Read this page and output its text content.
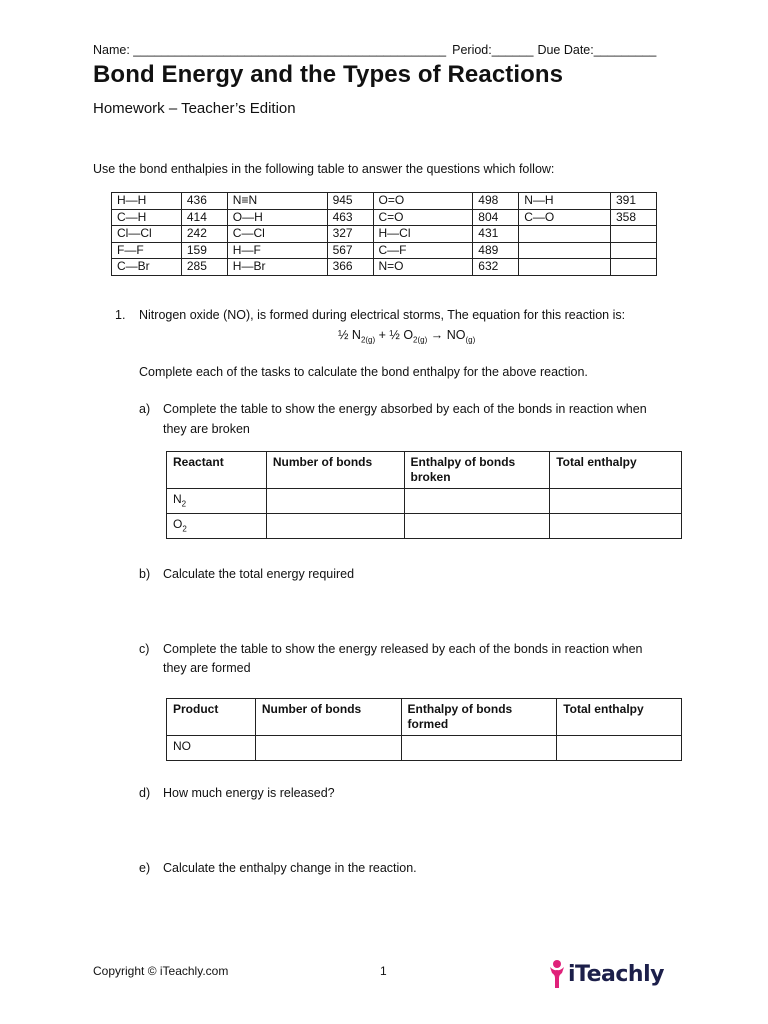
Name: _____________________________________________ Period:______ Due Date:_________
Bond Energy and the Types of Reactions
Homework – Teacher’s Edition
Use the bond enthalpies in the following table to answer the questions which follow:
H—H	436	N≡N	945	O=O	498	N—H	391
C—H	414	O—H	463	C=O	804	C—O	358
Cl—Cl	242	C—Cl	327	H—Cl	431		
F—F	159	H—F	567	C—F	489		
C—Br	285	H—Br	366	N=O	632		
1. Nitrogen oxide (NO), is formed during electrical storms, The equation for this reaction is:
½ $N_{2(g)}$ + ½ $O_{2(g)} \to NO_{(g)}$
Complete each of the tasks to calculate the bond enthalpy for the above reaction.
a) Complete the table to show the energy absorbed by each of the bonds in reaction when
they are broken
Reactant	Number of bonds	Enthalpy of bonds broken	Total enthalpy
$N_2$			
$O_2$			
b) Calculate the total energy required
c) Complete the table to show the energy released by each of the bonds in reaction when
they are formed
Product	Number of bonds	Enthalpy of bonds formed	Total enthalpy
NO			
d) How much energy is released?
e) Calculate the enthalpy change in the reaction.
Copyright © iTeachly.com	1	iTeachly
